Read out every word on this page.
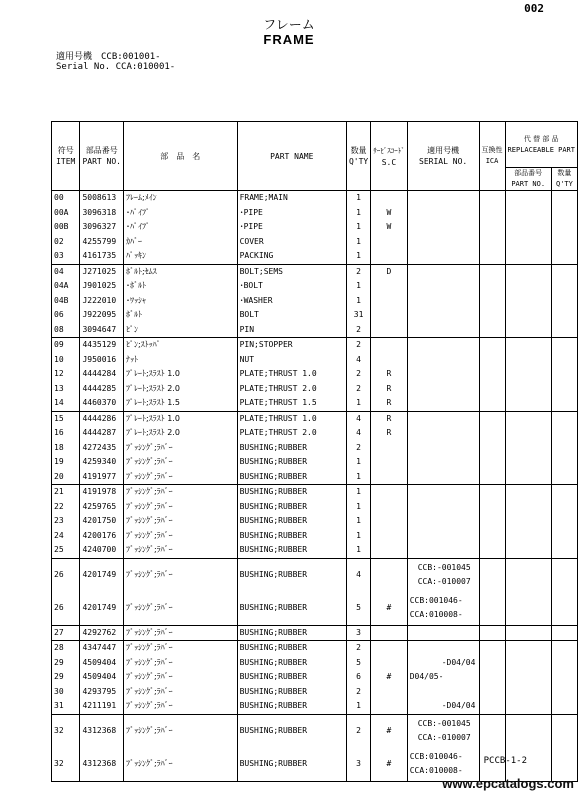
002
フレーム
FRAME
適用号機　CCB:001001-
Serial No. CCA:010001-
符号
ITEM	部品番号
PART NO.	部　品　名	PART NAME	数量
Q'TY	ｻｰﾋﾞｽｺｰﾄﾞ
S.C	適用号機
SERIAL NO.	互換性
ICA	代 替 部 品
REPLACEABLE PART	
								部品番号
PART NO.	数量
Q'TY
00	5008613	ﾌﾚｰﾑ;ﾒｲﾝ	FRAME;MAIN	1					
00A	3096318	･ﾊﾟｲﾌﾟ	･PIPE	1	W				
00B	3096327	･ﾊﾟｲﾌﾟ	･PIPE	1	W				
02	4255799	ｶﾊﾞｰ	COVER	1					
03	4161735	ﾊﾟｯｷﾝ	PACKING	1					
04	J271025	ﾎﾞﾙﾄ;ｾﾑｽ	BOLT;SEMS	2	D				
04A	J901025	･ﾎﾞﾙﾄ	･BOLT	1					
04B	J222010	･ﾜｯｼｬ	･WASHER	1					
06	J922095	ﾎﾞﾙﾄ	BOLT	31					
08	3094647	ﾋﾟﾝ	PIN	2					
09	4435129	ﾋﾟﾝ;ｽﾄｯﾊﾟ	PIN;STOPPER	2					
10	J950016	ﾅｯﾄ	NUT	4					
12	4444284	ﾌﾟﾚｰﾄ;ｽﾗｽﾄ 1.0	PLATE;THRUST 1.0	2	R				
13	4444285	ﾌﾟﾚｰﾄ;ｽﾗｽﾄ 2.0	PLATE;THRUST 2.0	2	R				
14	4460370	ﾌﾟﾚｰﾄ;ｽﾗｽﾄ 1.5	PLATE;THRUST 1.5	1	R				
15	4444286	ﾌﾟﾚｰﾄ;ｽﾗｽﾄ 1.0	PLATE;THRUST 1.0	4	R				
16	4444287	ﾌﾟﾚｰﾄ;ｽﾗｽﾄ 2.0	PLATE;THRUST 2.0	4	R				
18	4272435	ﾌﾞｯｼﾝｸﾞ;ﾗﾊﾞｰ	BUSHING;RUBBER	2					
19	4259340	ﾌﾞｯｼﾝｸﾞ;ﾗﾊﾞｰ	BUSHING;RUBBER	1					
20	4191977	ﾌﾞｯｼﾝｸﾞ;ﾗﾊﾞｰ	BUSHING;RUBBER	1					
21	4191978	ﾌﾞｯｼﾝｸﾞ;ﾗﾊﾞｰ	BUSHING;RUBBER	1					
22	4259765	ﾌﾞｯｼﾝｸﾞ;ﾗﾊﾞｰ	BUSHING;RUBBER	1					
23	4201750	ﾌﾞｯｼﾝｸﾞ;ﾗﾊﾞｰ	BUSHING;RUBBER	1					
24	4200176	ﾌﾞｯｼﾝｸﾞ;ﾗﾊﾞｰ	BUSHING;RUBBER	1					
25	4240700	ﾌﾞｯｼﾝｸﾞ;ﾗﾊﾞｰ	BUSHING;RUBBER	1					
26	4201749	ﾌﾞｯｼﾝｸﾞ;ﾗﾊﾞｰ	BUSHING;RUBBER	4		　CCB:-001045
　CCA:-010007			
26	4201749	ﾌﾞｯｼﾝｸﾞ;ﾗﾊﾞｰ	BUSHING;RUBBER	5	#	CCB:001046-
CCA:010008-			
27	4292762	ﾌﾞｯｼﾝｸﾞ;ﾗﾊﾞｰ	BUSHING;RUBBER	3					
28	4347447	ﾌﾞｯｼﾝｸﾞ;ﾗﾊﾞｰ	BUSHING;RUBBER	2					
29	4509404	ﾌﾞｯｼﾝｸﾞ;ﾗﾊﾞｰ	BUSHING;RUBBER	5		　　　　-D04/04			
29	4509404	ﾌﾞｯｼﾝｸﾞ;ﾗﾊﾞｰ	BUSHING;RUBBER	6	#	D04/05-			
30	4293795	ﾌﾞｯｼﾝｸﾞ;ﾗﾊﾞｰ	BUSHING;RUBBER	2					
31	4211191	ﾌﾞｯｼﾝｸﾞ;ﾗﾊﾞｰ	BUSHING;RUBBER	1		　　　　-D04/04			
32	4312368	ﾌﾞｯｼﾝｸﾞ;ﾗﾊﾞｰ	BUSHING;RUBBER	2	#	　CCB:-001045
　CCA:-010007			
32	4312368	ﾌﾞｯｼﾝｸﾞ;ﾗﾊﾞｰ	BUSHING;RUBBER	3	#	CCB:010046-
CCA:010008-			
PCCB-1-2
www.epcatalogs.com
